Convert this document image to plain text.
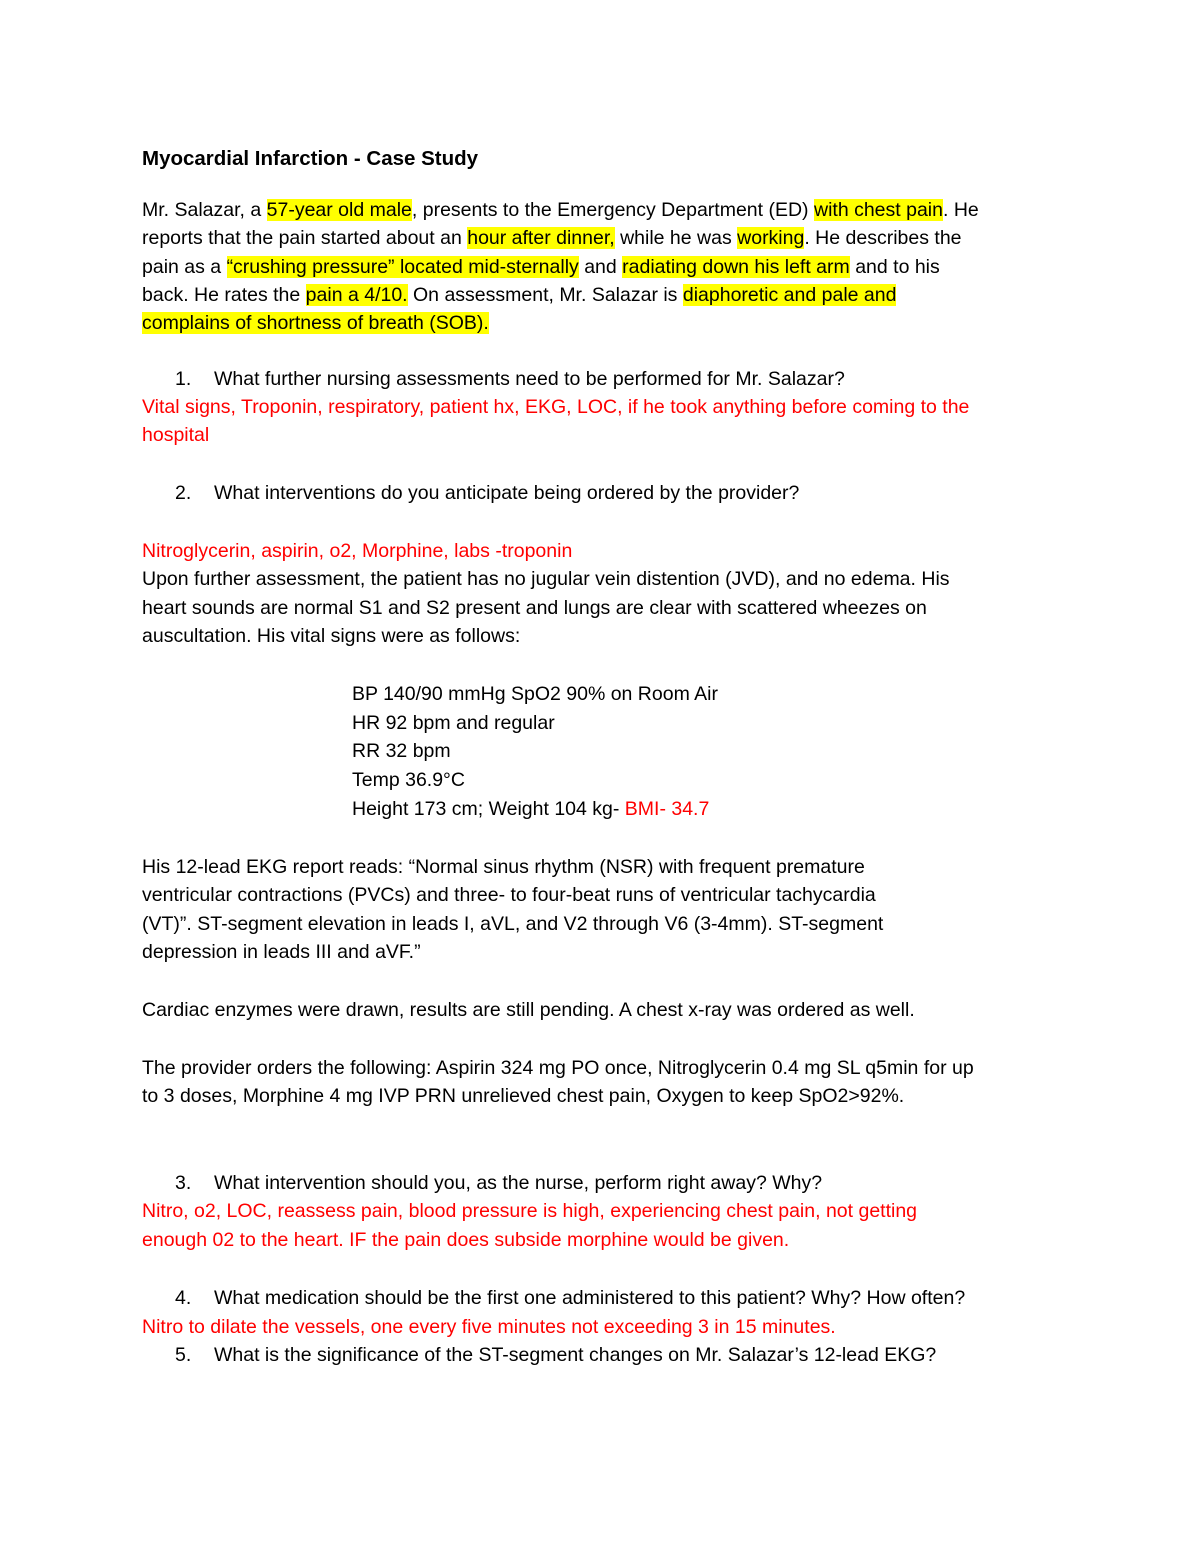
Myocardial Infarction - Case Study
Mr. Salazar, a 57-year old male, presents to the Emergency Department (ED) with chest pain. He
reports that the pain started about an hour after dinner, while he was working. He describes the
pain as a “crushing pressure” located mid-sternally and radiating down his left arm and to his
back. He rates the pain a 4/10. On assessment, Mr. Salazar is diaphoretic and pale and
complains of shortness of breath (SOB).
1. What further nursing assessments need to be performed for Mr. Salazar?
Vital signs, Troponin, respiratory, patient hx, EKG, LOC, if he took anything before coming to the
hospital
2. What interventions do you anticipate being ordered by the provider?
Nitroglycerin, aspirin, o2, Morphine, labs -troponin
Upon further assessment, the patient has no jugular vein distention (JVD), and no edema. His
heart sounds are normal S1 and S2 present and lungs are clear with scattered wheezes on
auscultation. His vital signs were as follows:
BP 140/90 mmHg SpO2 90% on Room Air
HR 92 bpm and regular
RR 32 bpm
Temp 36.9°C
Height 173 cm; Weight 104 kg- BMI- 34.7
His 12-lead EKG report reads: “Normal sinus rhythm (NSR) with frequent premature
ventricular contractions (PVCs) and three- to four-beat runs of ventricular tachycardia
(VT)”. ST-segment elevation in leads I, aVL, and V2 through V6 (3-4mm). ST-segment
depression in leads III and aVF.”
Cardiac enzymes were drawn, results are still pending. A chest x-ray was ordered as well.
The provider orders the following: Aspirin 324 mg PO once, Nitroglycerin 0.4 mg SL q5min for up
to 3 doses, Morphine 4 mg IVP PRN unrelieved chest pain, Oxygen to keep SpO2>92%.
3. What intervention should you, as the nurse, perform right away? Why?
Nitro, o2, LOC, reassess pain, blood pressure is high, experiencing chest pain, not getting
enough 02 to the heart. IF the pain does subside morphine would be given.
4. What medication should be the first one administered to this patient? Why? How often?
Nitro to dilate the vessels, one every five minutes not exceeding 3 in 15 minutes.
5. What is the significance of the ST-segment changes on Mr. Salazar’s 12-lead EKG?
